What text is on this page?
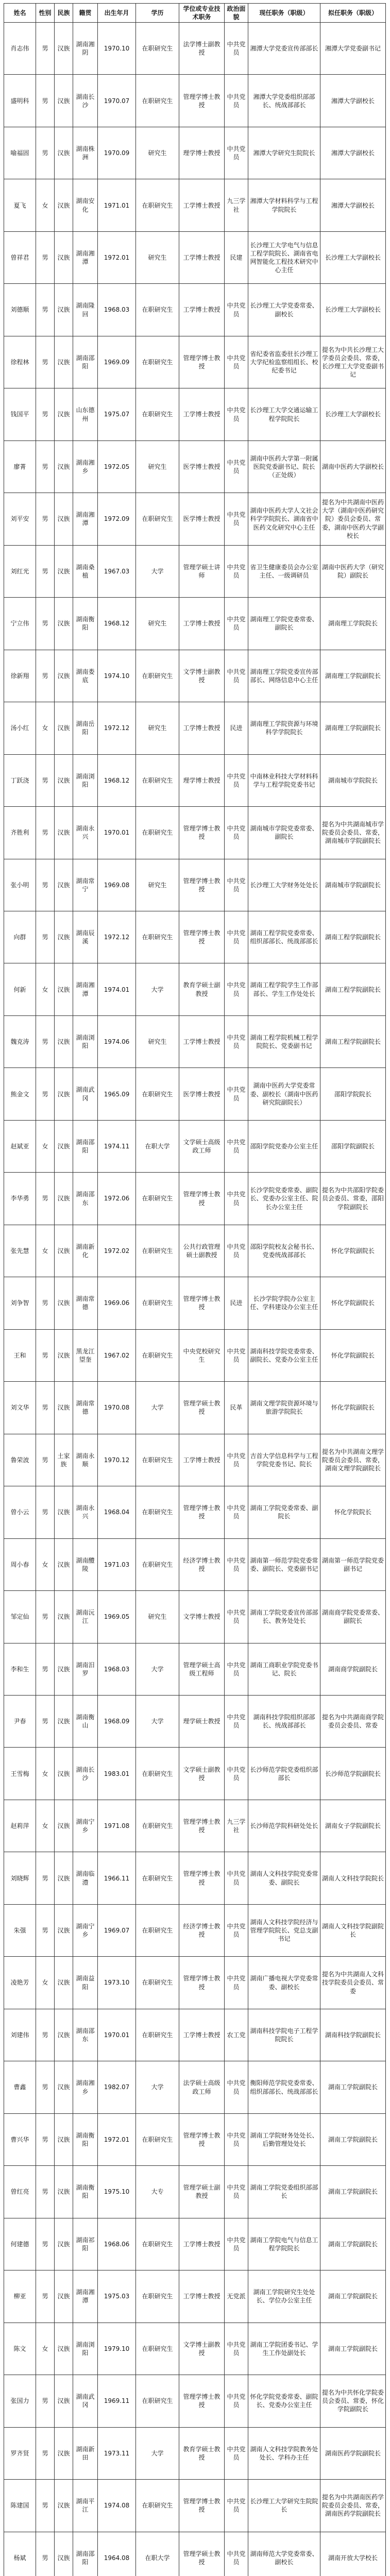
姓名	性别	民族	籍贯	出生年月	学历	学位或专业技术职务	政治面貌	现任职务（职级）	拟任职务（职级）
肖志伟	男	汉族	湖南湘阴	1970.10	在职研究生	法学博士副教授	中共党员	湘潭大学党委宣传部部长	湘潭大学党委副书记
盛明科	男	汉族	湖南长沙	1970.07	在职研究生	管理学博士教授	中共党员	湘潭大学党委组织部部长、统战部部长	湘潭大学副校长
喻福固	男	汉族	湖南株洲	1970.09	研究生	理学博士教授	中共党员	湘潭大学研究生院院长	湘潭大学副校长
夏飞	女	汉族	湖南安化	1971.01	在职研究生	工学博士教授	九三学社	湘潭大学材料科学与工程学院院长	湘潭大学副校长
曾祥君	男	汉族	湖南湘潭	1972.01	研究生	工学博士教授	民建	长沙理工大学电气与信息工程学院院长、湖南省电网智能化工程技术研究中心主任	长沙理工大学副校长
刘德顺	男	汉族	湖南隆回	1968.03	在职研究生	工学博士教授	中共党员	长沙理工大学党委常委、副校长	长沙理工大学副校长
徐程林	男	汉族	湖南邵阳	1969.09	在职研究生	管理学博士教授	中共党员	省纪委省监委驻长沙理工大学纪检监察组组长、校纪委书记	提名为中共长沙理工大学委员会委员、常委，长沙理工大学党委副书记
钱国平	男	汉族	山东德州	1975.07	在职研究生	工学博士教授	中共党员	长沙理工大学交通运输工程学院院长	长沙理工大学副校长
廖菁	男	汉族	湖南湘乡	1972.05	研究生	医学博士教授	中共党员	湖南中医药大学第一附属医院党委副书记、院长（正处级）	湖南中医药大学副校长
刘平安	男	汉族	湖南湘潭	1972.09	在职研究生	医学博士教授	中共党员	湖南中医药大学人文社会科学学院院长、湖南省中医药文化研究中心主任	提名为中共湖南中医药大学（湖南中医药研究院）委员会委员、常委，湖南中医药大学副校长
刘红光	男	汉族	湖南桑植	1967.03	大学	管理学硕士讲师	中共党员	省卫生健康委员会办公室主任、一级调研员	湖南中医药大学（研究院）副院长
宁立伟	男	汉族	湖南衡阳	1968.12	研究生	工学博士教授	中共党员	湖南理工学院党委常委、副院长	湖南理工学院院长
徐新翔	男	汉族	湖南娄底	1974.10	在职研究生	文学博士副教授	中共党员	湖南理工学院党委宣传部部长、网络信息中心主任	湖南理工学院副院长
汤小红	女	汉族	湖南岳阳	1972.12	研究生	工学博士教授	民进	湖南理工学院资源与环境科学学院院长	湖南理工学院副院长
丁跃浇	男	汉族	湖南浏阳	1968.12	在职研究生	理学博士教授	中共党员	中南林业科技大学材料科学与工程学院党委书记	湖南城市学院院长
齐胜利	男	汉族	湖南永兴	1970.01	在职研究生	管理学博士教授	中共党员	湖南城市学院党委常委、副院长	提名为中共湖南城市学院委员会委员、常委，湖南城市学院副院长
张小明	男	汉族	湖南常宁	1969.08	研究生	管理学博士教授	中共党员	长沙理工大学财务处处长	湖南城市学院副院长
向群	男	汉族	湖南辰溪	1972.12	在职研究生	管理学博士教授	中共党员	湖南工程学院党委常委、组织部部长、统战部部长	湖南工程学院副院长
何新	女	汉族	湖南湘潭	1974.01	大学	教育学硕士副教授	中共党员	湖南工程学院学生工作部部长、学生工作处处长	湖南工程学院副院长
魏克涛	男	汉族	湖南浏阳	1974.06	研究生	工学博士教授	中共党员	湖南工程学院机械工程学院院长、党委副书记	湖南工程学院副院长
熊金文	男	汉族	湖南武冈	1965.09	在职研究生	医学博士教授	中共党员	湖南中医药大学党委常委、副校长（湖南中医药研究院副院长）	邵阳学院院长
赵斌亚	女	汉族	湖南邵阳	1974.11	在职大学	文学硕士高级政工师	中共党员	邵阳学院党委办公室主任	邵阳学院副院长
李华勇	男	汉族	湖南邵东	1972.06	在职研究生	管理学博士教授	中共党员	长沙学院党委常委、副院长、党委办公室主任、院长办公室主任	提名为中共邵阳学院委员会委员、常委，邵阳学院副院长
张先慧	女	汉族	湖南新化	1972.02	在职研究生	公共行政管理硕士副教授	中共党员	邵阳学院校友会秘书长、党委统战部部长	怀化学院副院长
刘争智	男	汉族	湖南常德	1969.06	在职研究生	管理学博士教授	民进	长沙学院学院办公室主任、学科建设办公室主任	怀化学院副院长
王和	男	汉族	黑龙江望奎	1967.02	在职研究生	中央党校研究生	中共党员	湖南科技学院党委常委、副院长、党委办公室主任	怀化学院副院长
刘文华	男	汉族	湖南常德	1970.08	大学	管理学硕士教授	民革	湖南文理学院资源环境与旅游学院院长	怀化学院副院长
鲁荣波	男	土家族	湖南永顺	1970.12	在职研究生	工学博士教授	中共党员	吉首大学信息科学与工程学院党委书记、院长	提名为中共湖南文理学院委员会委员、常委，湖南文理学院副院长
曾小云	男	汉族	湖南永兴	1968.04	在职研究生	管理学博士教授	中共党员	湖南工学院党委常委、副院长	怀化学院院长
周小春	女	汉族	湖南醴陵	1971.03	在职研究生	经济学博士教授	中共党员	湖南第一师范学院党委常委、副院长、党委副书记	湖南第一师范学院党委副书记
邹定仙	男	汉族	湖南沅江	1969.05	研究生	文学博士教授	中共党员	湖南工学院党委宣传部部长、教务处处长	湖南商学院党委常委、副院长
李和生	男	汉族	湖南汨罗	1968.03	大学	管理学硕士高级工程师	中共党员	湖南工商职业学院党委书记、院长	湖南商学院副院长
尹春	男	汉族	湖南衡山	1968.09	大学	理学硕士教授	中共党员	湖南科技学院组织部部长、统战部部长	提名为中共湖南商学院委员会委员、常委
王雪梅	女	汉族	湖南长沙	1983.01	在职研究生	文学硕士副教授	中共党员	长沙师范学院党委组织部部长	长沙师范学院副院长
赵莉萍	女	汉族	湖南宁乡	1971.08	在职研究生	管理学博士教授	九三学社	长沙师范学院科研处处长	湖南女子学院副院长
刘晓辉	男	汉族	湖南临澧	1966.11	在职研究生	管理学博士教授	中共党员	湖南人文科技学院党委常委、副院长	湖南人文科技学院院长
朱强	男	汉族	湖南宁乡	1969.07	在职研究生	经济学博士教授	中共党员	湖南人文科技学院经济与管理学院院长、党总支副书记	湖南人文科技学院副院长
凌艳芳	女	汉族	湖南益阳	1973.10	在职研究生	管理学博士教授	中共党员	湖南广播电视大学党委常委、副校长	提名为中共湖南人文科技学院委员会委员、常委
刘建伟	男	汉族	湖南邵东	1970.01	在职研究生	工学博士教授	农工党	湖南科技学院电子工程学院院长	湖南科技学院副院长
曹鑫	男	汉族	湖南湘乡	1982.07	大学	法学硕士高级政工师	中共党员	衡阳师范学院党委常委、组织部部长、统战部部长	湖南工学院副院长
曹兴华	男	汉族	湖南衡阳	1972.01	在职研究生	管理学博士教授	中共党员	湖南工学院财务处处长、后勤管理处处长	湖南工学院副院长
曾红亮	男	汉族	湖南衡阳	1975.10	大专	管理学硕士副教授	中共党员	湖南工学院党委组织部部长	湖南工学院副院长
何建德	男	汉族	湖南祁阳	1968.06	在职研究生	工学博士教授	中共党员	湖南工学院电气与信息工程学院院长	湖南工学院副院长
柳亚	男	汉族	湖南湘潭	1975.03	在职研究生	工学博士教授	无党派	湖南工学院研究生处处长、学位办公室主任	湖南工学院副院长
陈文	女	汉族	湖南浏阳	1979.10	在职研究生	文学博士副教授	中共党员	湖南工学院团委书记、学生工作处副处长	湖南工学院副院长
张国力	男	汉族	湖南武冈	1969.11	在职研究生	管理学博士教授	中共党员	怀化学院党委常委、副院长、党委办公室主任	提名为中共怀化学院委员会委员、常委，怀化学院副院长
罗齐贤	男	汉族	湖南新田	1973.11	大学	教育学硕士教授	中共党员	湖南人文科技学院教务处处长、学科办主任	湖南医药学院副院长
陈建国	男	汉族	湖南平江	1974.08	在职研究生	管理学博士教授	中共党员	长沙理工大学研究生院院长	提名为中共湖南医药学院委员会委员、常委，湖南医药学院副院长
杨斌	男	汉族	湖南邵阳	1964.08	在职大学	管理学硕士教授	中共党员	湖南师范大学党委常委、副校长	湖南开放大学校长
